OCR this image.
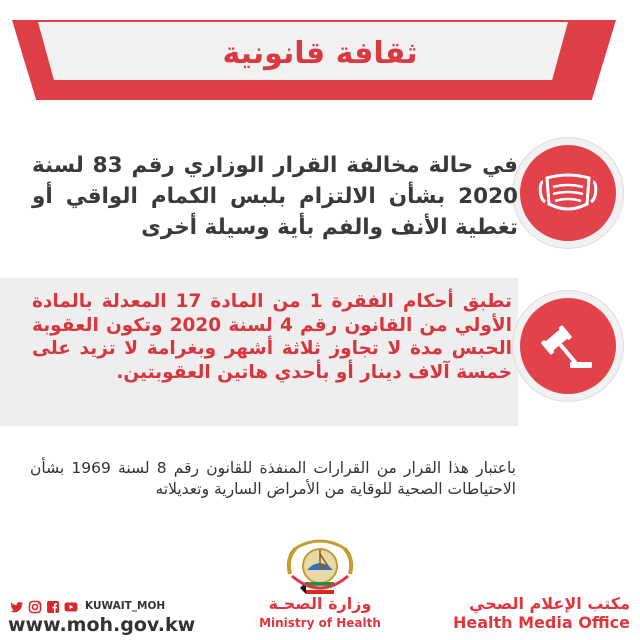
ثقافة قانونية
في حالة مخالفة القرار الوزاري رقم 83 لسنة 2020 بشأن الالتزام بلبس الكمام الواقي أو تغطية الأنف والفم بأية وسيلة أخرى
تطبق أحكام الفقرة 1 من المادة 17 المعدلة بالمادة الأولي من القانون رقم 4 لسنة 2020 وتكون العقوبة الحبس مدة لا تجاوز ثلاثة أشهر وبغرامة لا تزيد على خمسة آلاف دينار أو بأحدي هاتين العقوبتين.
باعتبار هذا القرار من القرارات المنفذة للقانون رقم 8 لسنة 1969 بشأن الاحتياطات الصحية للوقاية من الأمراض السارية وتعديلاته
وزارة الصحـة
Ministry of Health
مكتب الإعلام الصحي
Health Media Office
KUWAIT_MOH
www.moh.gov.kw
